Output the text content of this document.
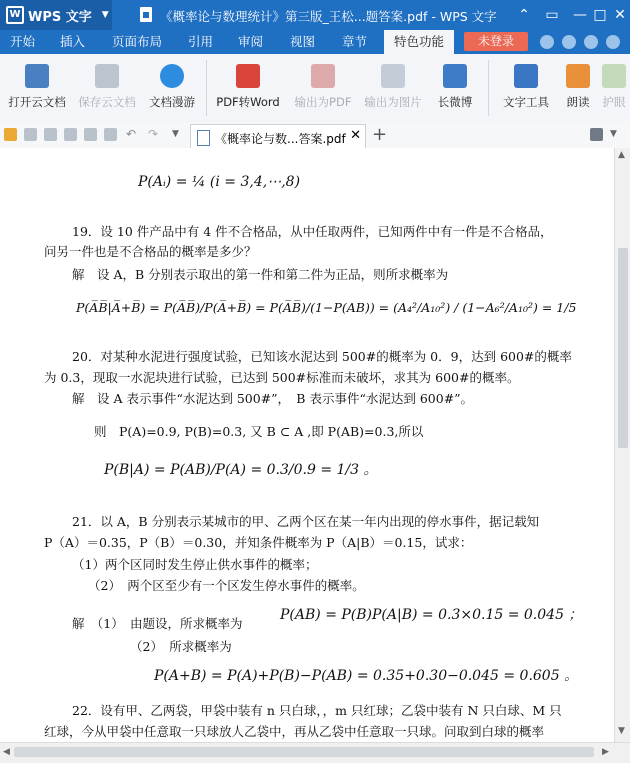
W WPS 文字 ▼	《概率论与数理统计》第三版_王松...题答案.pdf - WPS 文字	⌃	▭	— □ ✕
开始	插入	页面布局	引用	审阅	视图	章节	特色功能	未登录
打开云文档	保存云文档	文档漫游	PDF转Word	输出为PDF	输出为图片	长微博	文字工具	朗读	护眼
↶ ↷	▼	《概率论与数...答案.pdf ✕ +	▼
P(Aᵢ) = ¼ (i = 3,4,⋯,8)

19．设 10 件产品中有 4 件不合格品，从中任取两件，已知两件中有一件是不合格品，

问另一件也是不合格品的概率是多少？

解　设 A，B 分别表示取出的第一件和第二件为正品，则所求概率为

P(A̅B̅|A̅+B̅) = P(A̅B̅)/P(A̅+B̅) = P(A̅B̅)/(1−P(AB)) = (A₄²/A₁₀²) / (1−A₆²/A₁₀²) = 1/5

20．对某种水泥进行强度试验，已知该水泥达到 500#的概率为 0．9，达到 600#的概率

为 0.3，现取一水泥块进行试验，已达到 500#标准而未破坏，求其为 600#的概率。

解　设 A 表示事件“水泥达到 500#”，　B 表示事件“水泥达到 600#”。

则　P(A)=0.9, P(B)=0.3, 又 B ⊂ A ,即 P(AB)=0.3,所以

P(B|A) = P(AB)/P(A) = 0.3/0.9 = 1/3 。

21．以 A，B 分别表示某城市的甲、乙两个区在某一年内出现的停水事件，据记载知

P（A）＝0.35，P（B）＝0.30，并知条件概率为 P（A|B）＝0.15，试求：

（1）两个区同时发生停止供水事件的概率；

（2）　两个区至少有一个区发生停水事件的概率。

解　（1）　由题设，所求概率为

P(AB) = P(B)P(A|B) = 0.3×0.15 = 0.045 ；

（2）　所求概率为

P(A+B) = P(A)+P(B)−P(AB) = 0.35+0.30−0.045 = 0.605 。

22．设有甲、乙两袋，甲袋中装有 n 只白球，，m 只红球；乙袋中装有 N 只白球、M 只

红球，今从甲袋中任意取一只球放人乙袋中，再从乙袋中任意取一只球。问取到白球的概率

▲
▼
◀	▶
